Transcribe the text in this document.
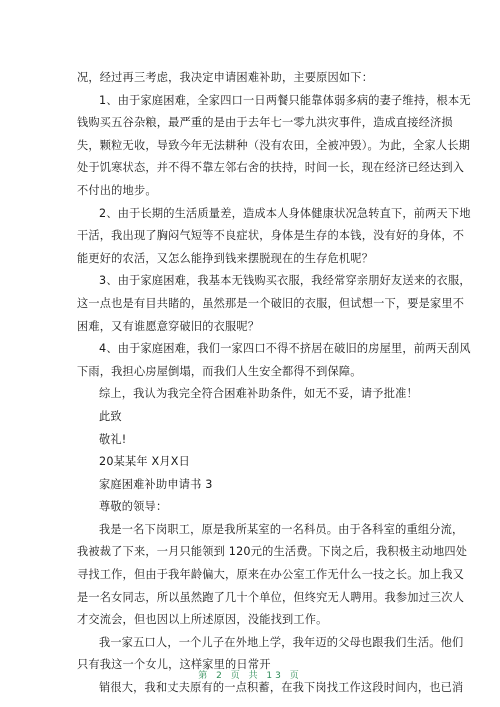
况，经过再三考虑，我决定申请困难补助，主要原因如下：
1、由于家庭困难，全家四口一日两餐只能靠体弱多病的妻子维持，根本无
钱购买五谷杂粮，最严重的是由于去年七一零九洪灾事件，造成直接经济损
失，颗粒无收，导致今年无法耕种（没有农田，全被冲毁）。为此，全家人长期
处于饥寒状态，并不得不靠左邻右舍的扶持，时间一长，现在经济已经达到入
不付出的地步。
2、由于长期的生活质量差，造成本人身体健康状况急转直下，前两天下地
干活，我出现了胸闷气短等不良症状，身体是生存的本钱，没有好的身体，不
能更好的农活，又怎么能挣到钱来摆脱现在的生存危机呢？
3、由于家庭困难，我基本无钱购买衣服，我经常穿亲朋好友送来的衣服，
这一点也是有目共睹的，虽然那是一个破旧的衣服，但试想一下，要是家里不
困难，又有谁愿意穿破旧的衣服呢？
4、由于家庭困难，我们一家四口不得不挤居在破旧的房屋里，前两天刮风
下雨，我担心房屋倒塌，而我们人生安全都得不到保障。
综上，我认为我完全符合困难补助条件，如无不妥，请予批准！
此致
敬礼!
20某某年 X月X日
家庭困难补助申请书 3
尊敬的领导：
我是一名下岗职工，原是我所某室的一名科员。由于各科室的重组分流，
我被裁了下来，一月只能领到 120元的生活费。下岗之后，我积极主动地四处
寻找工作，但由于我年龄偏大，原来在办公室工作无什么一技之长。加上我又
是一名女同志，所以虽然跑了几十个单位，但终究无人聘用。我参加过三次人
才交流会，但也因以上所述原因，没能找到工作。
我一家五口人，一个儿子在外地上学，我年迈的父母也跟我们生活。他们
只有我这一个女儿，这样家里的日常开
销很大，我和丈夫原有的一点积蓄，在我下岗找工作这段时间内，也已消
第 2 页 共 13 页
